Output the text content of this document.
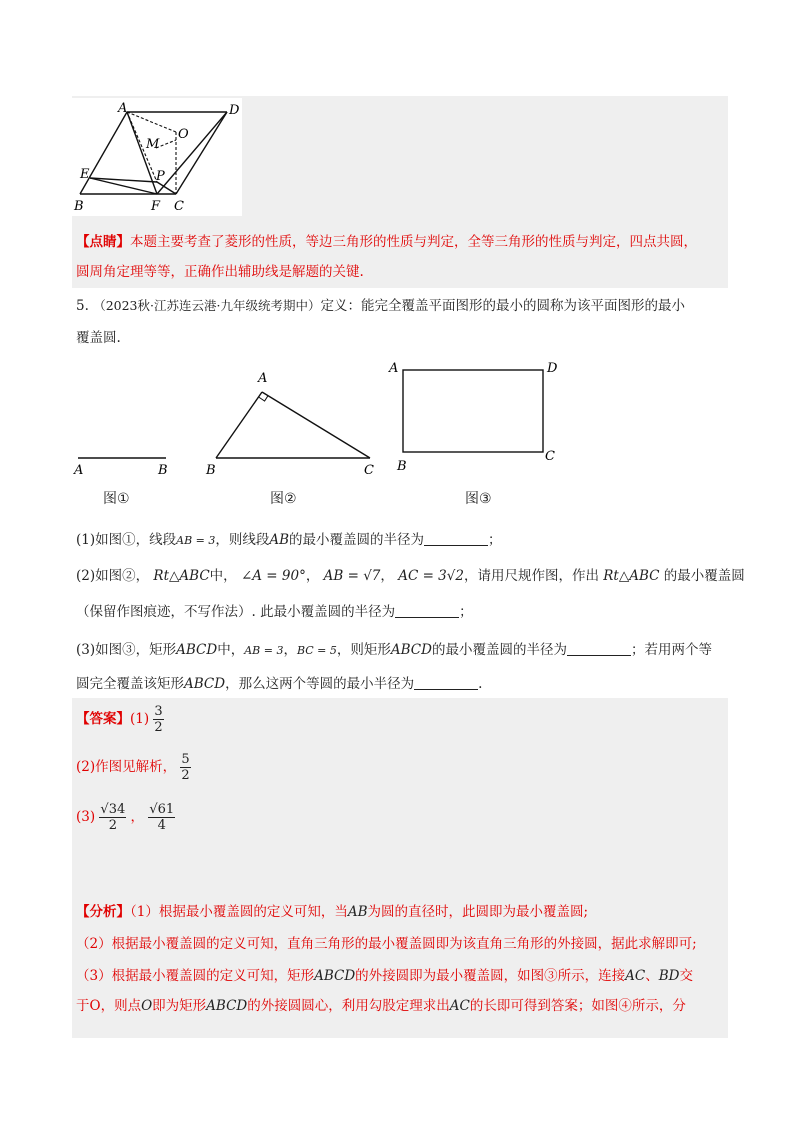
A	D
O
M
P
E
B	F C
【点睛】本题主要考查了菱形的性质，等边三角形的性质与判定，全等三角形的性质与判定，四点共圆，
圆周角定理等等，正确作出辅助线是解题的关键.
5. （2023秋·江苏连云港·九年级统考期中）定义：能完全覆盖平面图形的最小的圆称为该平面图形的最小
覆盖圆.
A	B
图①
A
B	C
图②
A	D
B
C
图③
(1)如图①，线段AB = 3，则线段AB的最小覆盖圆的半径为	；
(2)如图②， Rt△ABC中， ∠A = 90°， AB = √7， AC = 3√2，请用尺规作图，作出 Rt△ABC 的最小覆盖圆
（保留作图痕迹，不写作法）. 此最小覆盖圆的半径为	；
(3)如图③，矩形ABCD中，AB = 3，BC = 5，则矩形ABCD的最小覆盖圆的半径为	；若用两个等
圆完全覆盖该矩形ABCD，那么这两个等圆的最小半径为	.
【答案】$(1) \frac{3}{2}$
(2)作图见解析， $\frac{5}{2}$
$(3) \frac{√34}{2}$ ， $\frac{√61}{4}$
【分析】（1）根据最小覆盖圆的定义可知，当AB为圆的直径时，此圆即为最小覆盖圆;
（2）根据最小覆盖圆的定义可知，直角三角形的最小覆盖圆即为该直角三角形的外接圆，据此求解即可;
（3）根据最小覆盖圆的定义可知，矩形ABCD的外接圆即为最小覆盖圆，如图③所示，连接AC、BD交
于O，则点O即为矩形ABCD的外接圆圆心，利用勾股定理求出AC的长即可得到答案；如图④所示，分
